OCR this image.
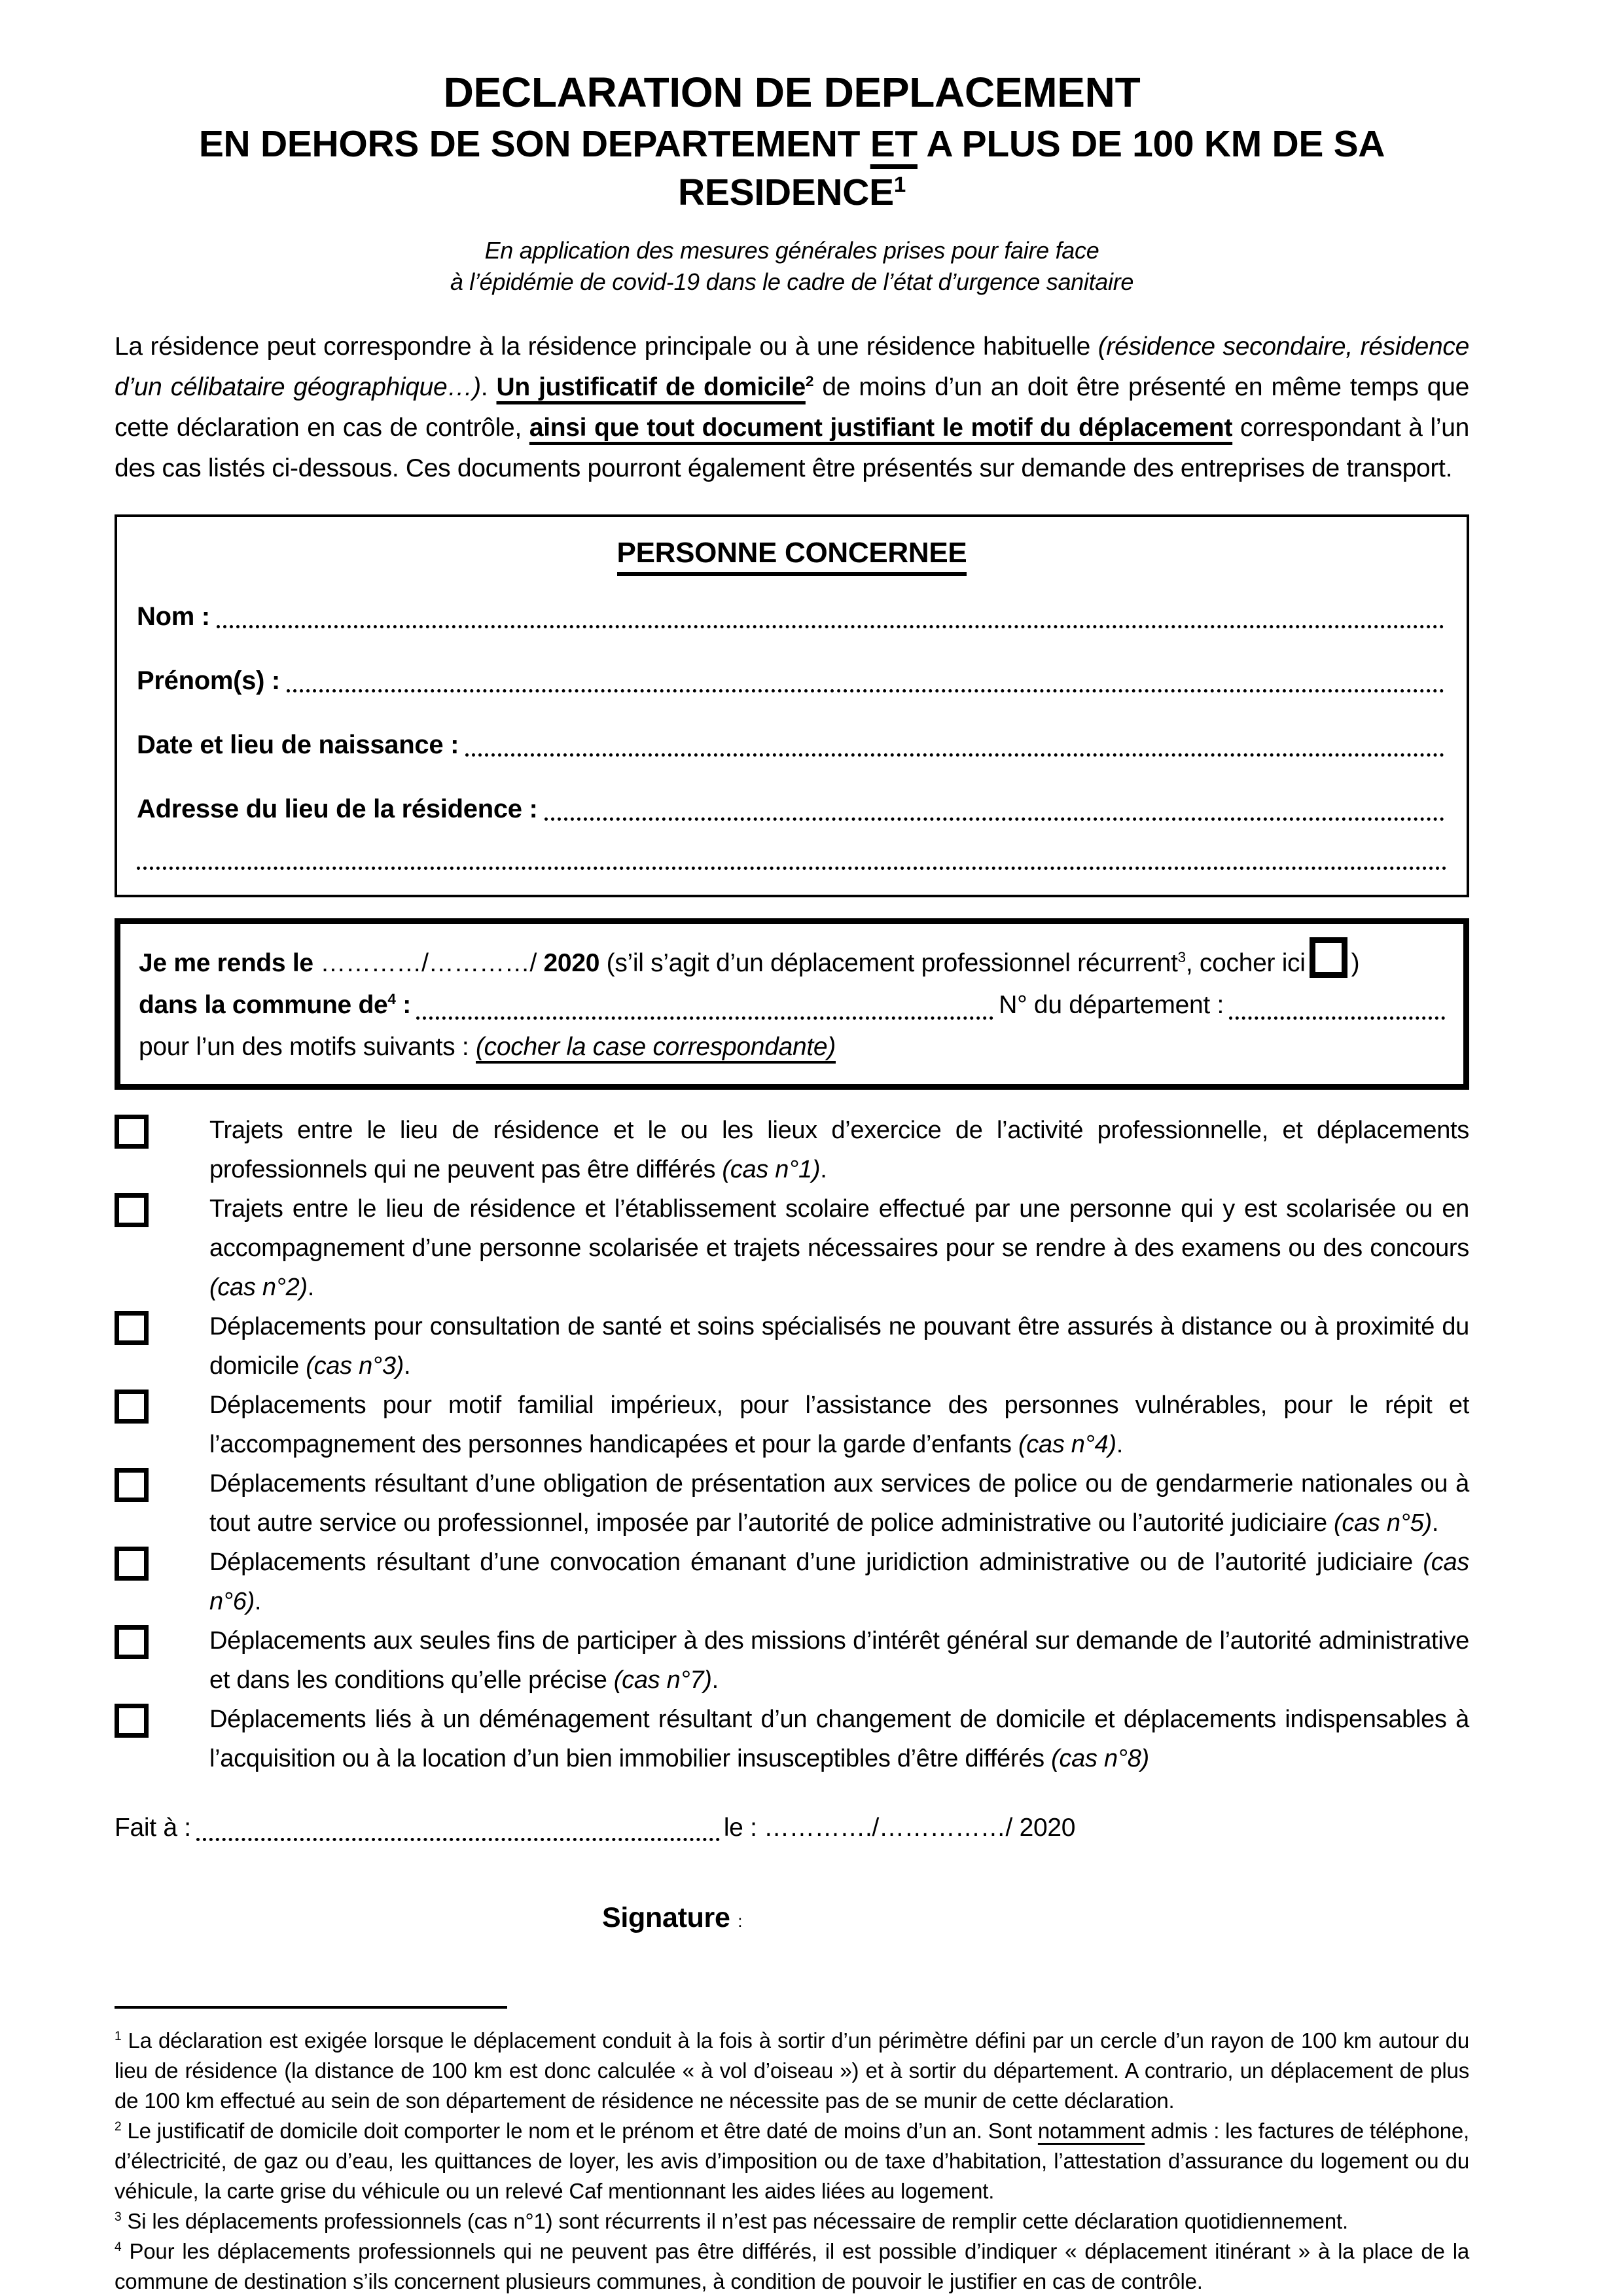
DECLARATION DE DEPLACEMENT
EN DEHORS DE SON DEPARTEMENT ET A PLUS DE 100 KM DE SA RESIDENCE$^1$
En application des mesures générales prises pour faire face
à l’épidémie de covid-19 dans le cadre de l’état d’urgence sanitaire

La résidence peut correspondre à la résidence principale ou à une résidence habituelle (résidence secondaire, résidence d’un célibataire géographique…). Un justificatif de domicile$^2$ de moins d’un an doit être présenté en même temps que cette déclaration en cas de contrôle, ainsi que tout document justifiant le motif du déplacement correspondant à l’un des cas listés ci-dessous. Ces documents pourront également être présentés sur demande des entreprises de transport.

PERSONNE CONCERNEE
Nom :
Prénom(s) :
Date et lieu de naissance :
Adresse du lieu de la résidence :
Je me rends le …………/…………/ 2020 (s’il s’agit d’un déplacement professionnel récurrent$^3$, cocher ici )
dans la commune $de^4$ :	N° du département :
pour l’un des motifs suivants : (cocher la case correspondante)

Trajets entre le lieu de résidence et le ou les lieux d’exercice de l’activité professionnelle, et déplacements professionnels qui ne peuvent pas être différés (cas n°1).

Trajets entre le lieu de résidence et l’établissement scolaire effectué par une personne qui y est scolarisée ou en accompagnement d’une personne scolarisée et trajets nécessaires pour se rendre à des examens ou des concours (cas n°2).

Déplacements pour consultation de santé et soins spécialisés ne pouvant être assurés à distance ou à proximité du domicile (cas n°3).

Déplacements pour motif familial impérieux, pour l’assistance des personnes vulnérables, pour le répit et l’accompagnement des personnes handicapées et pour la garde d’enfants (cas n°4).

Déplacements résultant d’une obligation de présentation aux services de police ou de gendarmerie nationales ou à tout autre service ou professionnel, imposée par l’autorité de police administrative ou l’autorité judiciaire (cas n°5).

Déplacements résultant d’une convocation émanant d’une juridiction administrative ou de l’autorité judiciaire (cas n°6).

Déplacements aux seules fins de participer à des missions d’intérêt général sur demande de l’autorité administrative et dans les conditions qu’elle précise (cas n°7).

Déplacements liés à un déménagement résultant d’un changement de domicile et déplacements indispensables à l’acquisition ou à la location d’un bien immobilier insusceptibles d’être différés (cas n°8)

Fait à :	le : …………./……………/ 2020
Signature :

$^1$ La déclaration est exigée lorsque le déplacement conduit à la fois à sortir d’un périmètre défini par un cercle d’un rayon de 100 km autour du lieu de résidence (la distance de 100 km est donc calculée « à vol d’oiseau ») et à sortir du département. A contrario, un déplacement de plus de 100 km effectué au sein de son département de résidence ne nécessite pas de se munir de cette déclaration.

$^2$ Le justificatif de domicile doit comporter le nom et le prénom et être daté de moins d’un an. Sont notamment admis : les factures de téléphone, d’électricité, de gaz ou d’eau, les quittances de loyer, les avis d’imposition ou de taxe d’habitation, l’attestation d’assurance du logement ou du véhicule, la carte grise du véhicule ou un relevé Caf mentionnant les aides liées au logement.

$^3$ Si les déplacements professionnels (cas n°1) sont récurrents il n’est pas nécessaire de remplir cette déclaration quotidiennement.

$^4$ Pour les déplacements professionnels qui ne peuvent pas être différés, il est possible d’indiquer « déplacement itinérant » à la place de la commune de destination s’ils concernent plusieurs communes, à condition de pouvoir le justifier en cas de contrôle.
